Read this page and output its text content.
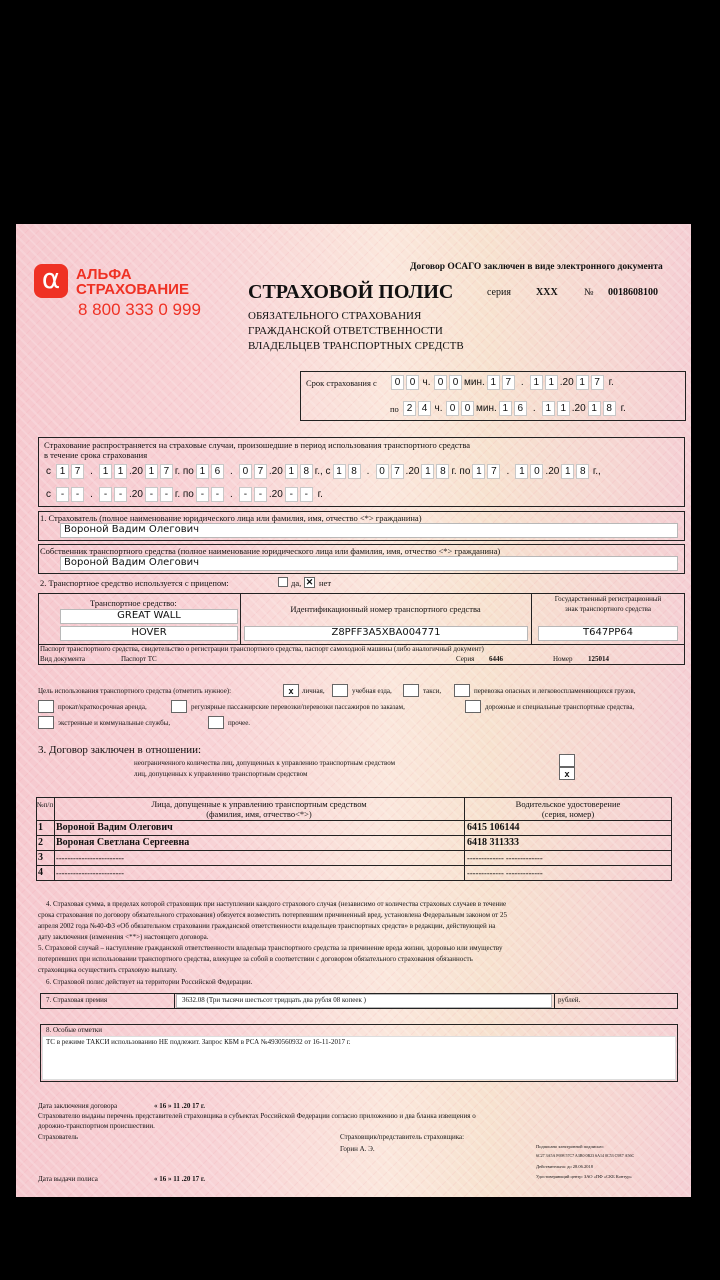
α	АЛЬФА
СТРАХОВАНИЕ
8 800 333 0 999
Договор ОСАГО заключен в виде электронного документа
СТРАХОВОЙ ПОЛИС	серия	ХХХ	№ 0018608100
ОБЯЗАТЕЛЬНОГО СТРАХОВАНИЯ
ГРАЖДАНСКОЙ ОТВЕТСТВЕННОСТИ
ВЛАДЕЛЬЦЕВ ТРАНСПОРТНЫХ СРЕДСТВ
Срок страхования с	0 0 ч. 0 0 мин. 1 7 . 1 1 .20 1 7 г.
по 2 4 ч. 0 0 мин. 1 6 . 1 1 .20 1 8 г.
Страхование распространяется на страховые случаи, произошедшие в период использования транспортного средства
в течение срока страхования
с 1 7 . 1 1 .20 1 7 г. по 1 6 . 0 7 .20 1 8 г., с 1 8 . 0 7 .20 1 8 г. по 1 7 . 1 0 .20 1 8 г.,
с -	-	.	-	- .20 -	- г. по -	-	.	-	- .20 -	- г.
1. Страхователь (полное наименование юридического лица или фамилия, имя, отчество <*> гражданина)
Вороной Вадим Олегович
Собственник транспортного средства (полное наименование юридического лица или фамилия, имя, отчество <*> гражданина)
Вороной Вадим Олегович
2. Транспортное средство используется с прицепом:	да, ✕ нет
Транспортное средство:
GREAT WALL
HOVER
Идентификационный номер транспортного средства
Z8PFF3A5XBA004771
Государственный регистрационный
знак транспортного средства
Т647РР64
Паспорт транспортного средства, свидетельство о регистрации транспортного средства, паспорт самоходной машины (либо аналогичный документ)
Вид документа	Паспорт ТС	Серия 6446	Номер 125014
Цель использования транспортного средства (отметить нужное):	x	личная,	учебная езда,	такси,	перевозка опасных и легковоспламеняющихся грузов,
прокат/краткосрочная аренда,	регулярные пассажирские перевозки/перевозки пассажиров по заказам,	дорожные и специальные транспортные средства,
экстренные и коммунальные службы,	прочее.
3. Договор заключен в отношении:
неограниченного количества лиц, допущенных к управлению транспортным средством
лиц, допущенных к управлению транспортным средством	x
№п/п	Лица, допущенные к управлению транспортным средством
(фамилия, имя, отчество<*>)
Водительское удостоверение
(серия, номер)
1 Вороной Вадим Олегович	6415 106144
2 Вороная Светлана Сергеевна	6418 311333
3 ------------------------	------------- -------------
4 ------------------------	------------- -------------
4. Страховая сумма, в пределах которой страховщик при наступлении каждого страхового случая (независимо от количества страховых случаев в течение
срока страхования по договору обязательного страхования) обязуется возместить потерпевшим причиненный вред, установлена Федеральным законом от 25
апреля 2002 года №40-ФЗ «Об обязательном страховании гражданской ответственности владельцев транспортных средств» в редакции, действующей на
дату заключения (изменения <**>) настоящего договора.
5. Страховой случай – наступление гражданской ответственности владельца транспортного средства за причинение вреда жизни, здоровью или имуществу
потерпевших при использовании транспортного средства, влекущее за собой в соответствии с договором обязательного страхования обязанность
страховщика осуществить страховую выплату.
6. Страховой полис действует на территории Российской Федерации.
7. Страховая премия	3632.08 (Три тысячи шестьсот тридцать два рубля 08 копеек )	рублей.
8. Особые отметки
ТС в режиме ТАКСИ использованию НЕ подлежит. Запрос КБМ в РСА №4930560932 от 16-11-2017 г.
Дата заключения договора	« 16 » 11 .20 17 г.
Страхователю выданы перечень представителей страховщика в субъектах Российской Федерации согласно приложению и два бланка извещения о
дорожно-транспортном происшествии.
Страхователь	Страховщик/представитель страховщика:
Горин А. Э.	Подписано электронной подписью:
6C27 3A5A F698 57C7 A3B0 0B23 6A14 0C53 C9E7 A56C
Действительна: до 28.06.2018
Удостоверяющий центр: ЗАО «ПФ «СКБ Контур»
Дата выдачи полиса	« 16 » 11 .20 17 г.
